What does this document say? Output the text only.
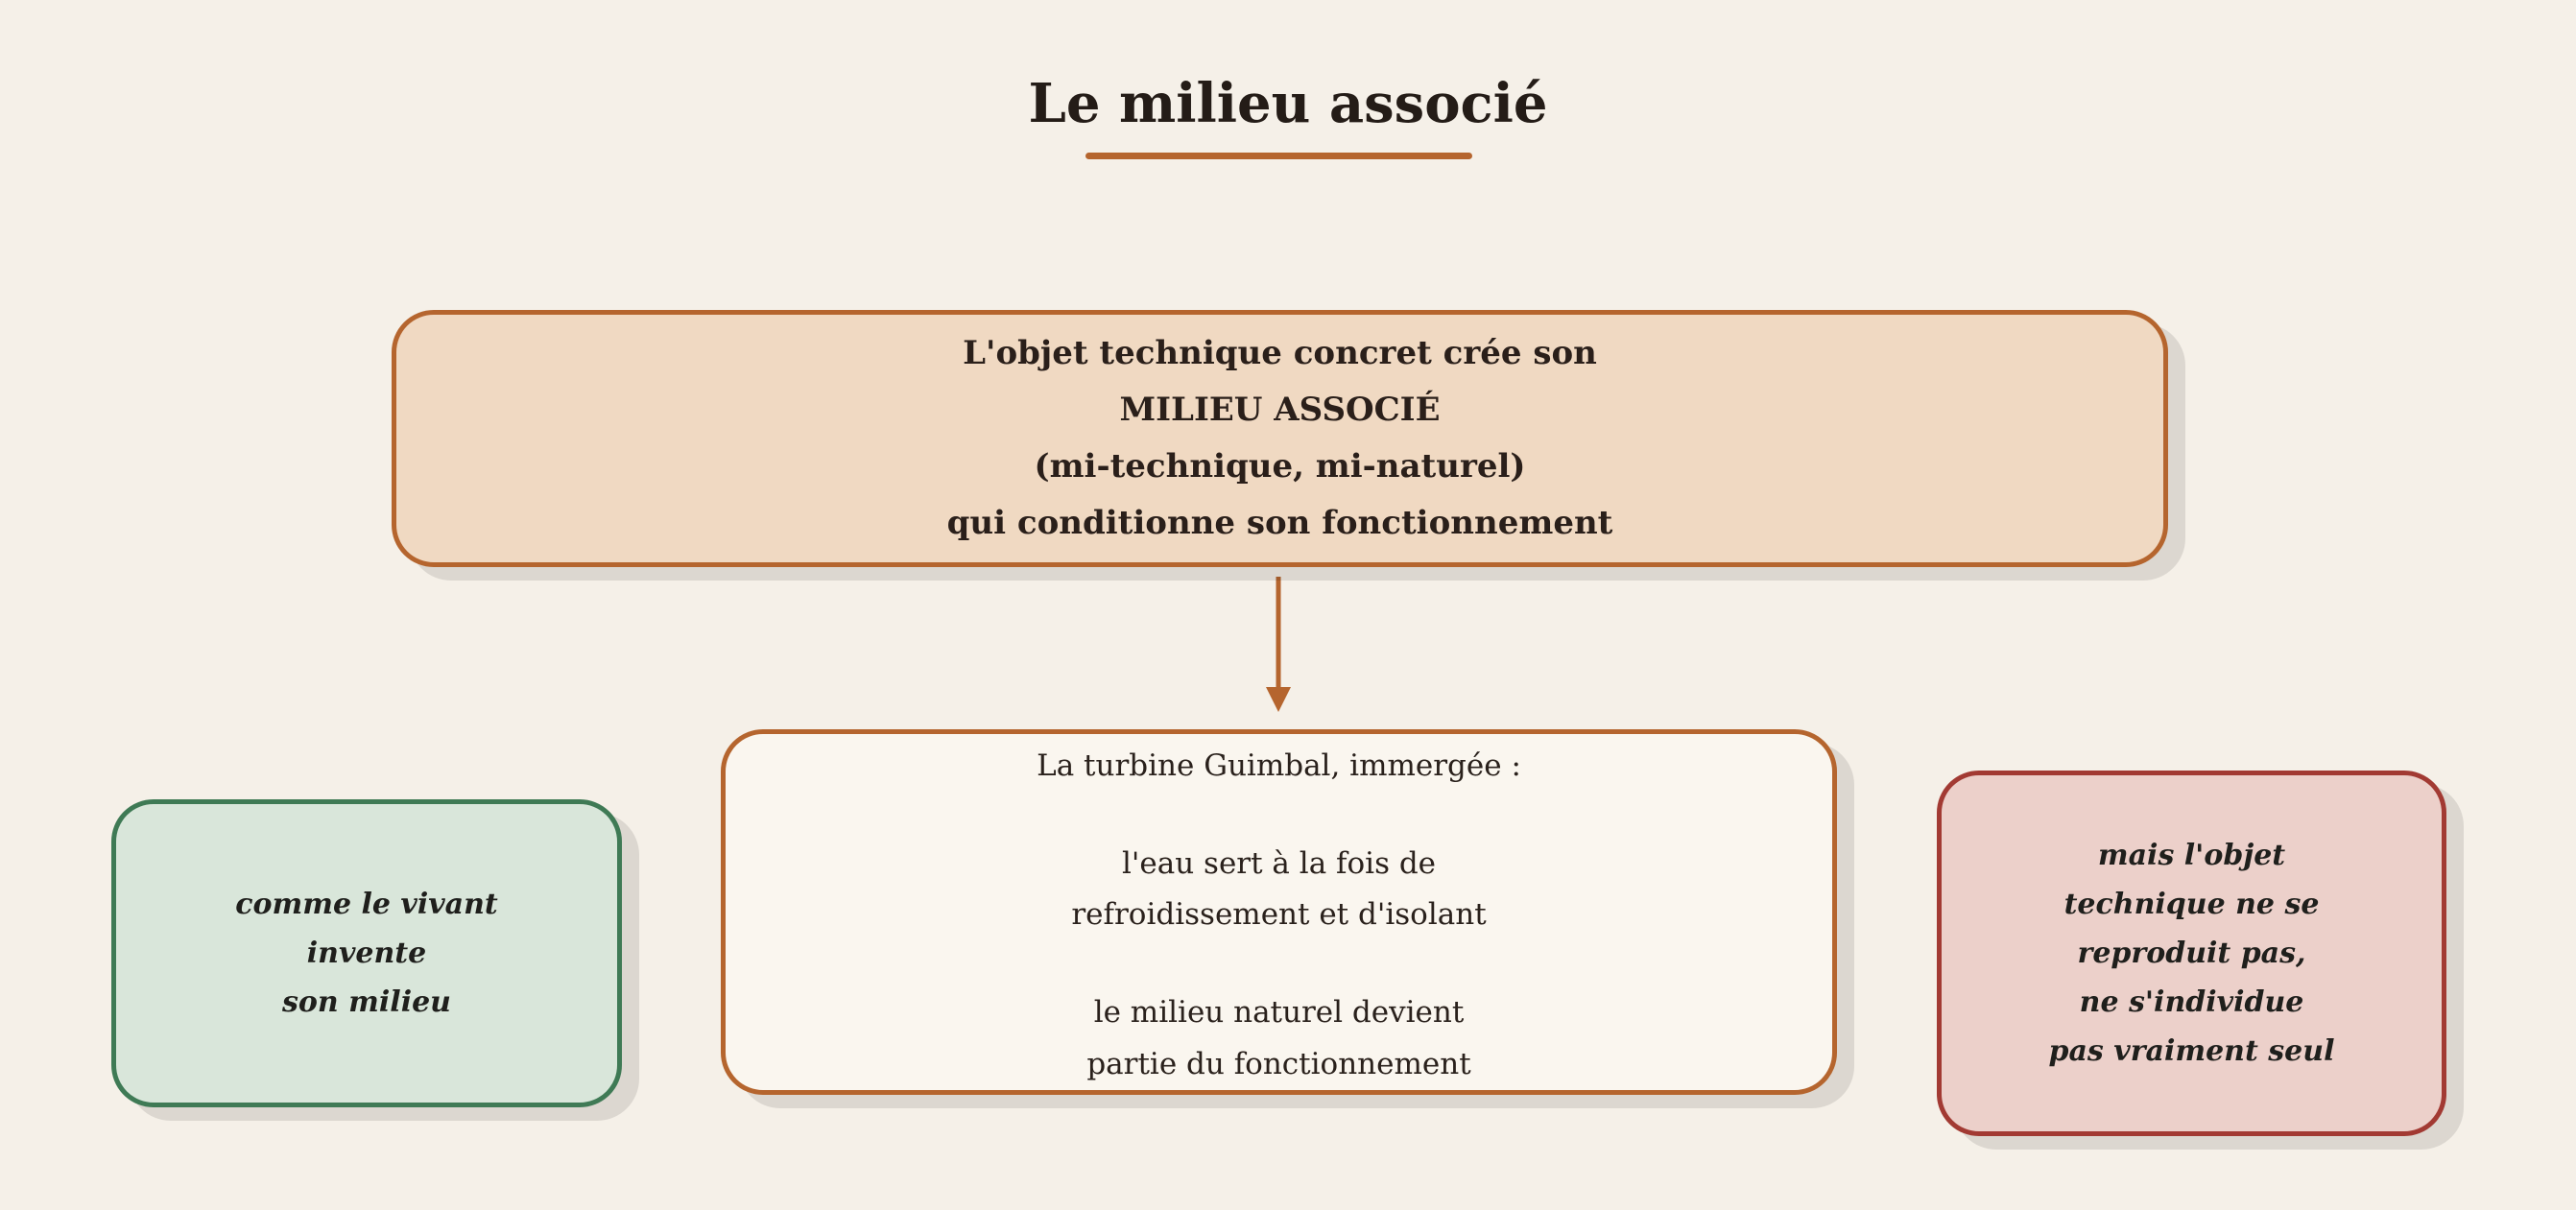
Le milieu associé
L'objet technique concret crée son
MILIEU ASSOCIÉ
(mi-technique, mi-naturel)
qui conditionne son fonctionnement
La turbine Guimbal, immergée :
l'eau sert à la fois de
refroidissement et d'isolant
le milieu naturel devient
partie du fonctionnement
comme le vivant
invente
son milieu
mais l'objet
technique ne se
reproduit pas,
ne s'individue
pas vraiment seul
